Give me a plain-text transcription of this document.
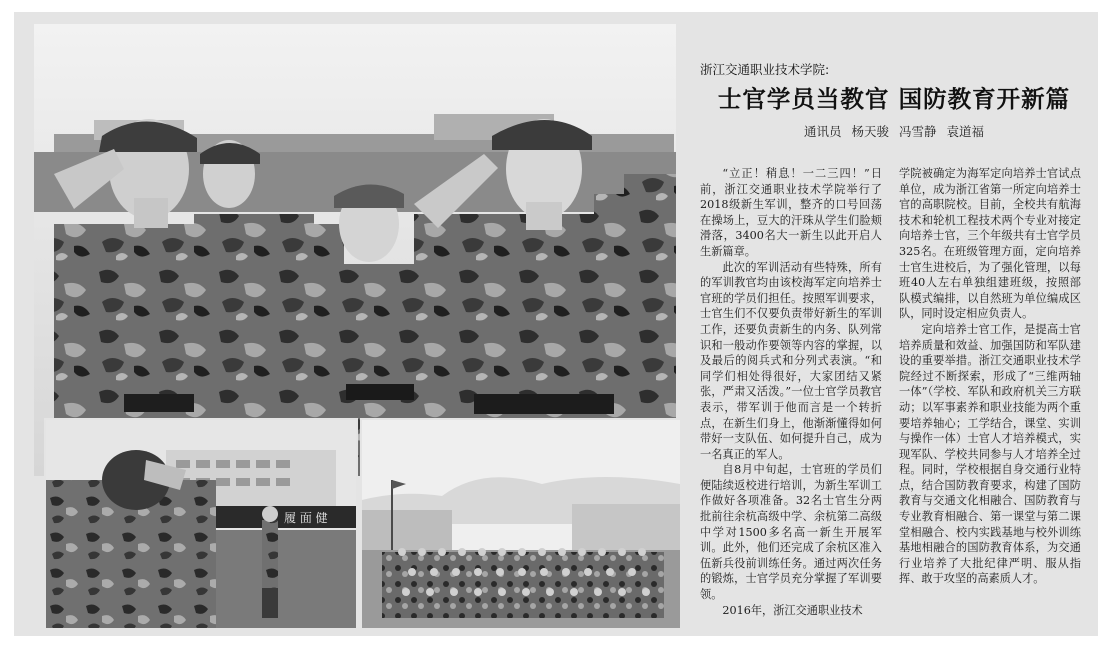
履 面 健
浙江交通职业技术学院:
士官学员当教官 国防教育开新篇
通讯员 杨天骏 冯雪静 袁道福

“立正！稍息！一二三四！”日前，浙江交通职业技术学院举行了2018级新生军训，整齐的口号回荡在操场上，豆大的汗珠从学生们脸颊滑落，3400名大一新生以此开启人生新篇章。

此次的军训活动有些特殊，所有的军训教官均由该校海军定向培养士官班的学员们担任。按照军训要求，士官生们不仅要负责带好新生的军训工作，还要负责新生的内务、队列常识和一般动作要领等内容的掌握，以及最后的阅兵式和分列式表演。“和同学们相处得很好，大家团结又紧张，严肃又活泼。”一位士官学员教官表示，带军训于他而言是一个转折点，在新生们身上，他渐渐懂得如何带好一支队伍、如何提升自己，成为一名真正的军人。

自8月中旬起，士官班的学员们便陆续返校进行培训，为新生军训工作做好各项准备。32名士官生分两批前往余杭高级中学、余杭第二高级中学对1500多名高一新生开展军训。此外，他们还完成了余杭区准入伍新兵役前训练任务。通过两次任务的锻炼，士官学员充分掌握了军训要领。

2016年，浙江交通职业技术

学院被确定为海军定向培养士官试点单位，成为浙江省第一所定向培养士官的高职院校。目前，全校共有航海技术和轮机工程技术两个专业对接定向培养士官，三个年级共有士官学员325名。在班级管理方面，定向培养士官生进校后，为了强化管理，以每班40人左右单独组建班级，按照部队模式编排，以自然班为单位编成区队，同时设定相应负责人。

定向培养士官工作，是提高士官培养质量和效益、加强国防和军队建设的重要举措。浙江交通职业技术学院经过不断探索，形成了“三维两轴一体”（学校、军队和政府机关三方联动；以军事素养和职业技能为两个重要培养轴心；工学结合，课堂、实训与操作一体）士官人才培养模式，实现军队、学校共同参与人才培养全过程。同时，学校根据自身交通行业特点，结合国防教育要求，构建了国防教育与交通文化相融合、国防教育与专业教育相融合、第一课堂与第二课堂相融合、校内实践基地与校外训练基地相融合的国防教育体系，为交通行业培养了大批纪律严明、服从指挥、敢于攻坚的高素质人才。
